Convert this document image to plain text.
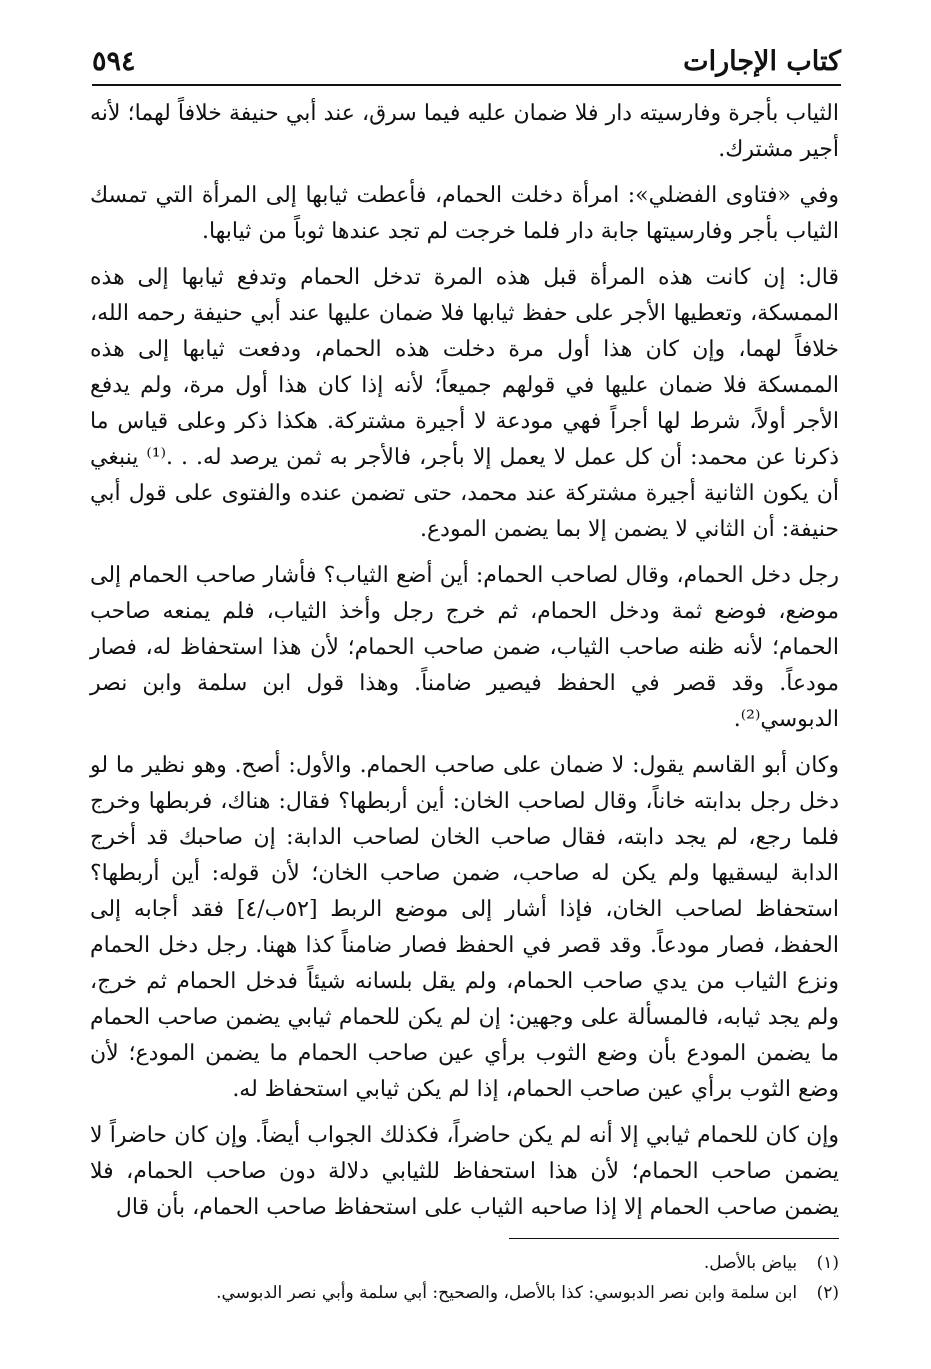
كتاب الإجارات
٥٩٤

الثياب بأجرة وفارسيته دار فلا ضمان عليه فيما سرق، عند أبي حنيفة خلافاً لهما؛ لأنه أجير مشترك.

وفي «فتاوى الفضلي»: امرأة دخلت الحمام، فأعطت ثيابها إلى المرأة التي تمسك الثياب بأجر وفارسيتها جابة دار فلما خرجت لم تجد عندها ثوباً من ثيابها.

قال: إن كانت هذه المرأة قبل هذه المرة تدخل الحمام وتدفع ثيابها إلى هذه الممسكة، وتعطيها الأجر على حفظ ثيابها فلا ضمان عليها عند أبي حنيفة رحمه الله، خلافاً لهما، وإن كان هذا أول مرة دخلت هذه الحمام، ودفعت ثيابها إلى هذه الممسكة فلا ضمان عليها في قولهم جميعاً؛ لأنه إذا كان هذا أول مرة، ولم يدفع الأجر أولاً، شرط لها أجراً فهي مودعة لا أجيرة مشتركة. هكذا ذكر وعلى قياس ما ذكرنا عن محمد: أن كل عمل لا يعمل إلا بأجر، فالأجر به ثمن يرصد له. . .⁽¹⁾ ينبغي أن يكون الثانية أجيرة مشتركة عند محمد، حتى تضمن عنده والفتوى على قول أبي حنيفة: أن الثاني لا يضمن إلا بما يضمن المودع.

رجل دخل الحمام، وقال لصاحب الحمام: أين أضع الثياب؟ فأشار صاحب الحمام إلى موضع، فوضع ثمة ودخل الحمام، ثم خرج رجل وأخذ الثياب، فلم يمنعه صاحب الحمام؛ لأنه ظنه صاحب الثياب، ضمن صاحب الحمام؛ لأن هذا استحفاظ له، فصار مودعاً. وقد قصر في الحفظ فيصير ضامناً. وهذا قول ابن سلمة وابن نصر الدبوسي⁽²⁾.

وكان أبو القاسم يقول: لا ضمان على صاحب الحمام. والأول: أصح. وهو نظير ما لو دخل رجل بدابته خاناً، وقال لصاحب الخان: أين أربطها؟ فقال: هناك، فربطها وخرج فلما رجع، لم يجد دابته، فقال صاحب الخان لصاحب الدابة: إن صاحبك قد أخرج الدابة ليسقيها ولم يكن له صاحب، ضمن صاحب الخان؛ لأن قوله: أين أربطها؟ استحفاظ لصاحب الخان، فإذا أشار إلى موضع الربط [٥٢ب/٤] فقد أجابه إلى الحفظ، فصار مودعاً. وقد قصر في الحفظ فصار ضامناً كذا ههنا. رجل دخل الحمام ونزع الثياب من يدي صاحب الحمام، ولم يقل بلسانه شيئاً فدخل الحمام ثم خرج، ولم يجد ثيابه، فالمسألة على وجهين: إن لم يكن للحمام ثيابي يضمن صاحب الحمام ما يضمن المودع بأن وضع الثوب برأي عين صاحب الحمام ما يضمن المودع؛ لأن وضع الثوب برأي عين صاحب الحمام، إذا لم يكن ثيابي استحفاظ له.

وإن كان للحمام ثيابي إلا أنه لم يكن حاضراً، فكذلك الجواب أيضاً. وإن كان حاضراً لا يضمن صاحب الحمام؛ لأن هذا استحفاظ للثيابي دلالة دون صاحب الحمام، فلا يضمن صاحب الحمام إلا إذا صاحبه الثياب على استحفاظ صاحب الحمام، بأن قال

(١) بياض بالأصل.

(٢) ابن سلمة وابن نصر الدبوسي: كذا بالأصل، والصحيح: أبي سلمة وأبي نصر الدبوسي.
